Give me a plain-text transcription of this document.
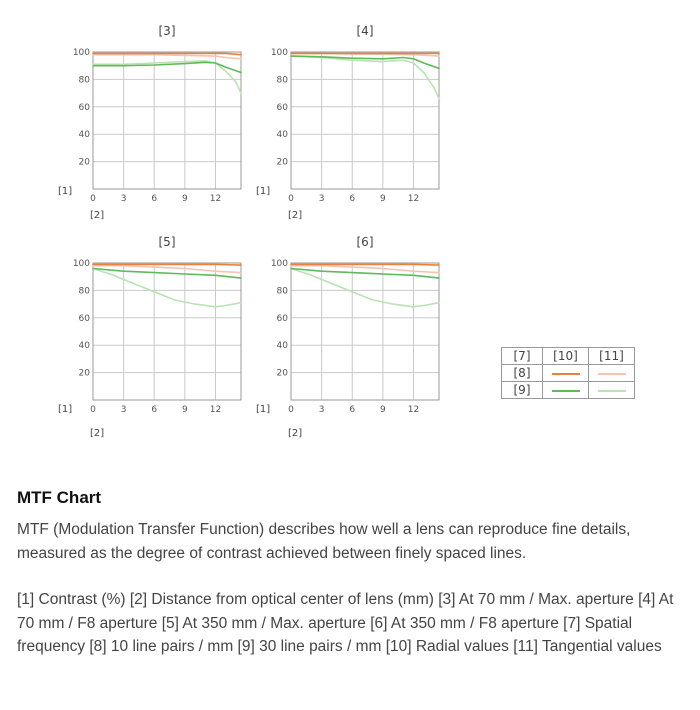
[3]
20
40
60
80
100
0	3	6	9 12
[1]
[2]
[4]
20
40
60
80
100
0	3	6	9 12
[1]
[2]
[5]
20
40
60
80
100
0	3	6	9 12
[1]
[2]
[6]
20
40
60
80
100
0	3	6	9 12
[1]
[2]
[7]	[10]	[11]
[8]		
[9]		
MTF Chart

MTF (Modulation Transfer Function) describes how well a lens can reproduce fine details, measured as the degree of contrast achieved between finely spaced lines.

[1] Contrast (%) [2] Distance from optical center of lens (mm) [3] At 70 mm / Max. aperture [4] At 70 mm / F8 aperture [5] At 350 mm / Max. aperture [6] At 350 mm / F8 aperture [7] Spatial frequency [8] 10 line pairs / mm [9] 30 line pairs / mm [10] Radial values [11] Tangential values
